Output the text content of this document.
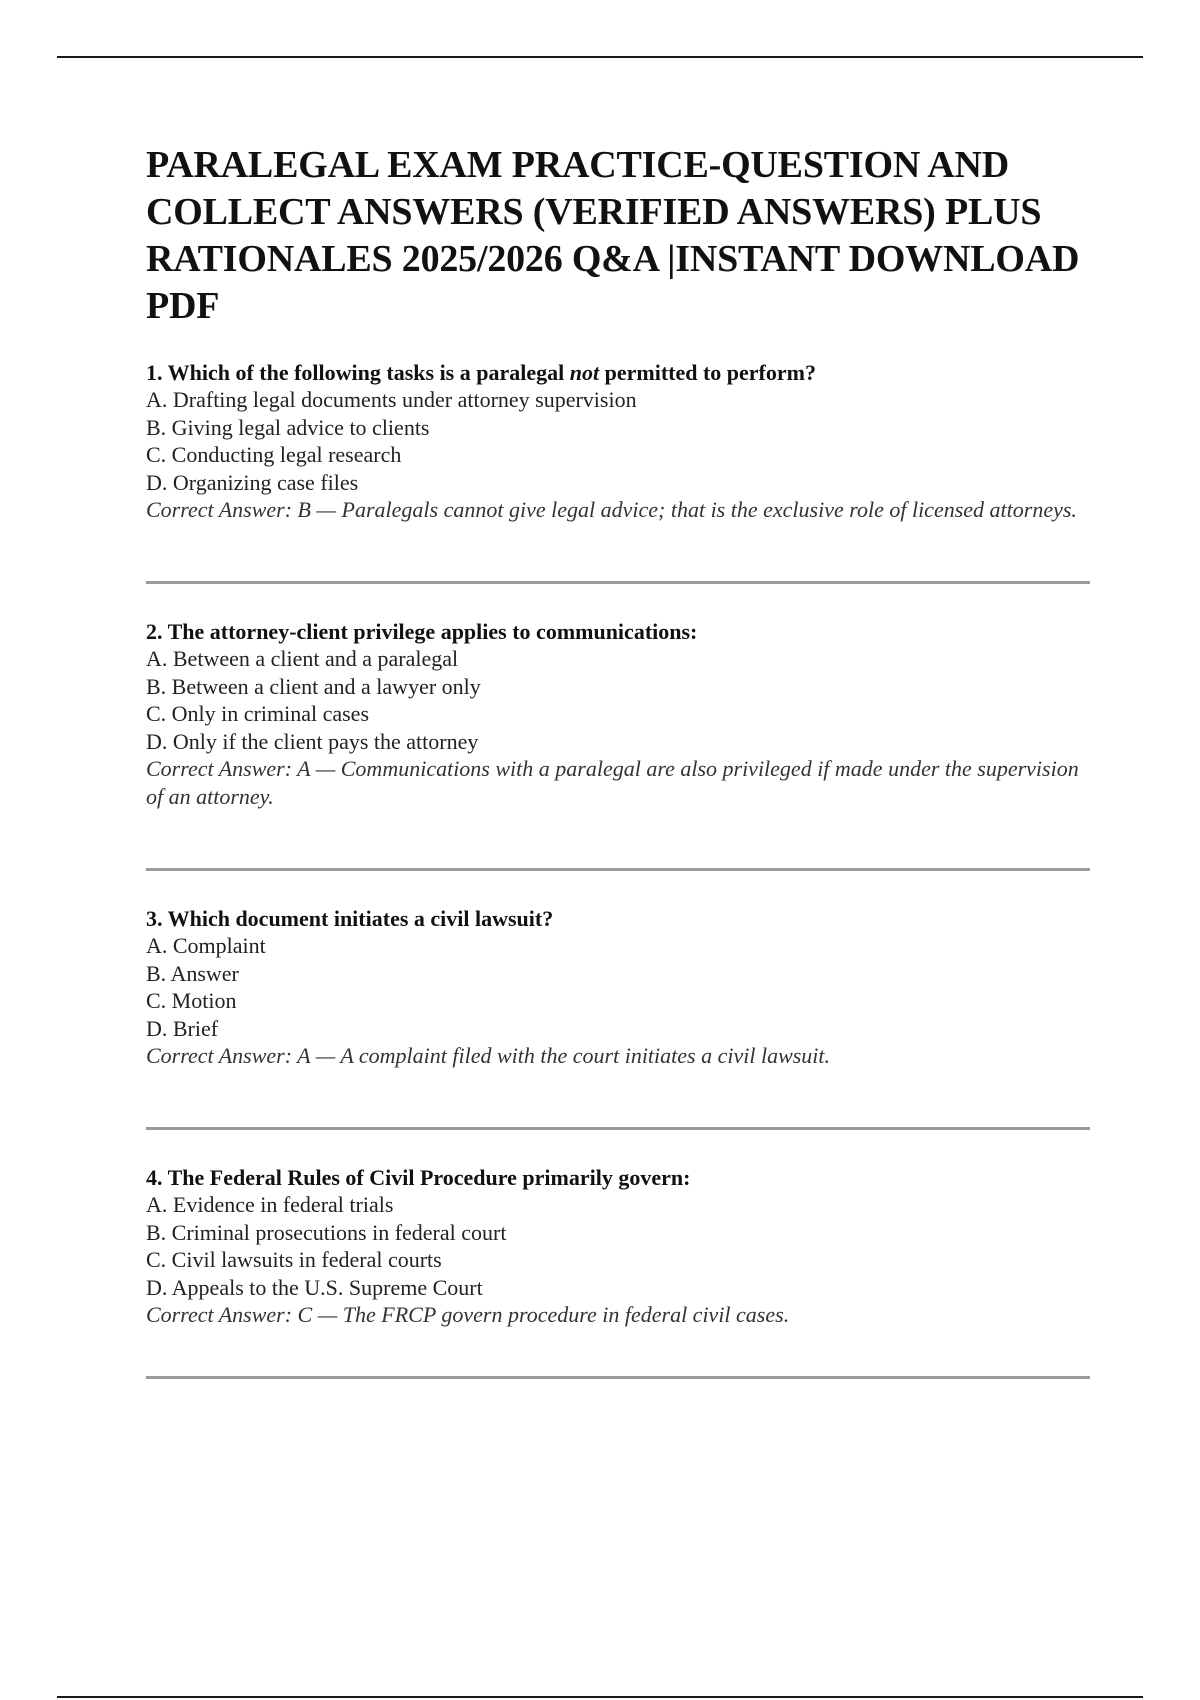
PARALEGAL EXAM PRACTICE-QUESTION AND COLLECT ANSWERS (VERIFIED ANSWERS) PLUS RATIONALES 2025/2026 Q&A |INSTANT DOWNLOAD PDF

1. Which of the following tasks is a paralegal not permitted to perform?

A. Drafting legal documents under attorney supervision

B. Giving legal advice to clients

C. Conducting legal research

D. Organizing case files

Correct Answer: B — Paralegals cannot give legal advice; that is the exclusive role of licensed attorneys.

2. The attorney-client privilege applies to communications:

A. Between a client and a paralegal

B. Between a client and a lawyer only

C. Only in criminal cases

D. Only if the client pays the attorney

Correct Answer: A — Communications with a paralegal are also privileged if made under the supervision of an attorney.

3. Which document initiates a civil lawsuit?

A. Complaint

B. Answer

C. Motion

D. Brief

Correct Answer: A — A complaint filed with the court initiates a civil lawsuit.

4. The Federal Rules of Civil Procedure primarily govern:

A. Evidence in federal trials

B. Criminal prosecutions in federal court

C. Civil lawsuits in federal courts

D. Appeals to the U.S. Supreme Court

Correct Answer: C — The FRCP govern procedure in federal civil cases.
